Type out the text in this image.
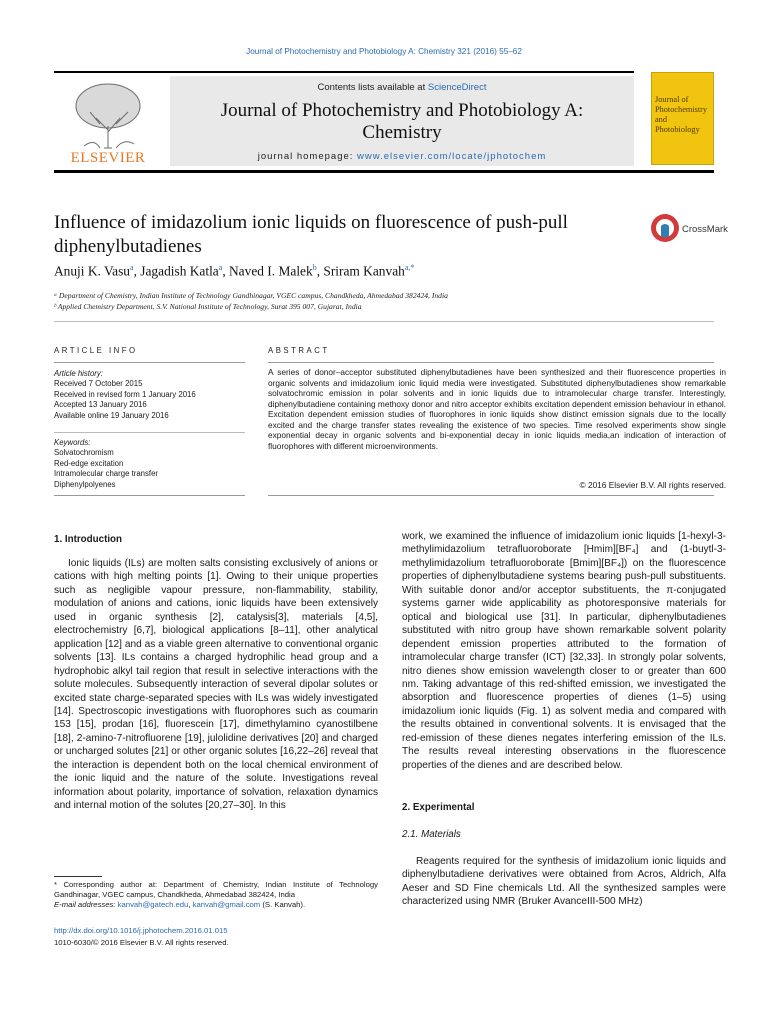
Journal of Photochemistry and Photobiology A: Chemistry 321 (2016) 55–62
ELSEVIER
Contents lists available at ScienceDirect
Journal of Photochemistry and Photobiology A:
Chemistry
journal homepage: www.elsevier.com/locate/jphotochem
Journal of Photochemistry and Photobiology
Influence of imidazolium ionic liquids on fluorescence of push-pull diphenylbutadienes
CrossMark
Anuji K. Vasu$^a$, Jagadish Katla$^a$, Naved I. Malek$^b$, Sriram Kanvah$^{a,*}$
ᵃ Department of Chemistry, Indian Institute of Technology Gandhinagar, VGEC campus, Chandkheda, Ahmedabad 382424, India
ᵇ Applied Chemistry Department, S.V. National Institute of Technology, Surat 395 007, Gujarat, India
ARTICLE INFO	ABSTRACT
Article history:
Received 7 October 2015
Received in revised form 1 January 2016
Accepted 13 January 2016
Available online 19 January 2016
Keywords:
Solvatochromism
Red-edge excitation
Intramolecular charge transfer
Diphenylpolyenes
A series of donor–acceptor substituted diphenylbutadienes have been synthesized and their fluorescence properties in organic solvents and imidazolium ionic liquid media were investigated. Substituted diphenylbutadienes show remarkable solvatochromic emission in polar solvents and in ionic liquids due to intramolecular charge transfer. Interestingly, diphenylbutadiene containing methoxy donor and nitro acceptor exhibits excitation dependent emission behaviour in ethanol. Excitation dependent emission studies of fluorophores in ionic liquids show distinct emission signals due to the locally excited and the charge transfer states revealing the existence of two species. Time resolved experiments show single exponential decay in organic solvents and bi-exponential decay in ionic liquids media,an indication of interaction of fluorophores with different microenvironments.
© 2016 Elsevier B.V. All rights reserved.
1. Introduction
Ionic liquids (ILs) are molten salts consisting exclusively of anions or cations with high melting points [1]. Owing to their unique properties such as negligible vapour pressure, non-flammability, stability, modulation of anions and cations, ionic liquids have been extensively used in organic synthesis [2], catalysis[3], materials [4,5], electrochemistry [6,7], biological applications [8–11], other analytical application [12] and as a viable green alternative to conventional organic solvents [13]. ILs contains a charged hydrophilic head group and a hydrophobic alkyl tail region that result in selective interactions with the solute molecules. Subsequently interaction of several dipolar solutes or excited state charge-separated species with ILs was widely investigated [14]. Spectroscopic investigations with fluorophores such as coumarin 153 [15], prodan [16], fluorescein [17], dimethylamino cyanostilbene [18], 2-amino-7-nitrofluorene [19], julolidine derivatives [20] and charged or uncharged solutes [21] or other organic solutes [16,22–26] reveal that the interaction is dependent both on the local chemical environment of the ionic liquid and the nature of the solute. Investigations reveal information about polarity, importance of solvation, relaxation dynamics and internal motion of the solutes [20,27–30]. In this
work, we examined the influence of imidazolium ionic liquids [1-hexyl-3-methylimidazolium tetrafluoroborate [Hmim][BF₄] and (1-buytl-3-methylimidazolium tetrafluoroborate [Bmim][BF₄]) on the fluorescence properties of diphenylbutadiene systems bearing push-pull substituents. With suitable donor and/or acceptor substituents, the π-conjugated systems garner wide applicability as photoresponsive materials for optical and biological use [31]. In particular, diphenylbutadienes substituted with nitro group have shown remarkable solvent polarity dependent emission properties attributed to the formation of intramolecular charge transfer (ICT) [32,33]. In strongly polar solvents, nitro dienes show emission wavelength closer to or greater than 600 nm. Taking advantage of this red-shifted emission, we investigated the absorption and fluorescence properties of dienes (1–5) using imidazolium ionic liquids (Fig. 1) as solvent media and compared with the results obtained in conventional solvents. It is envisaged that the red-emission of these dienes negates interfering emission of the ILs. The results reveal interesting observations in the fluorescence properties of the dienes and are described below.
2. Experimental
2.1. Materials
Reagents required for the synthesis of imidazolium ionic liquids and diphenylbutadiene derivatives were obtained from Acros, Aldrich, Alfa Aeser and SD Fine chemicals Ltd. All the synthesized samples were characterized using NMR (Bruker AvanceIII-500 MHz)
* Corresponding author at: Department of Chemistry, Indian Institute of Technology Gandhinagar, VGEC campus, Chandkheda, Ahmedabad 382424, India
E-mail addresses: kanvah@gatech.edu, kanvah@gmail.com (S. Kanvah).
http://dx.doi.org/10.1016/j.jphotochem.2016.01.015
1010-6030/© 2016 Elsevier B.V. All rights reserved.
